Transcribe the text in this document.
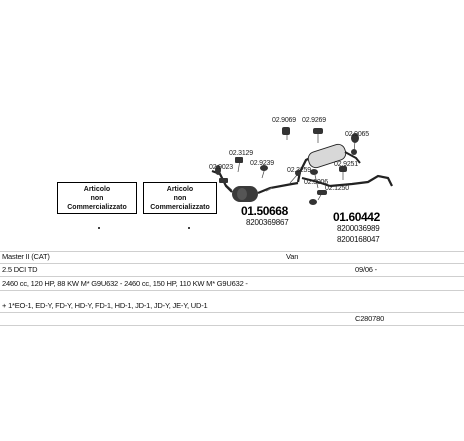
02.9069 02.9269
02.9065
02.3129
02.9239
02.3259
02.9251
02.9023
02.3006
02.1250
01.50668
8200369867	01.60442
8200036989
8200168047
Articolo
non
Commercializzato
Articolo
non
Commercializzato
Master II (CAT)	Van
2.5 DCI TD	09/06 -
2460 cc, 120 HP, 88 KW M* G9U632 - 2460 cc, 150 HP, 110 KW M* G9U632 -
+ 1*EO-1, ED-Y, FD-Y, HD-Y, FD-1, HD-1, JD-1, JD-Y, JE-Y, UD-1
C280780
